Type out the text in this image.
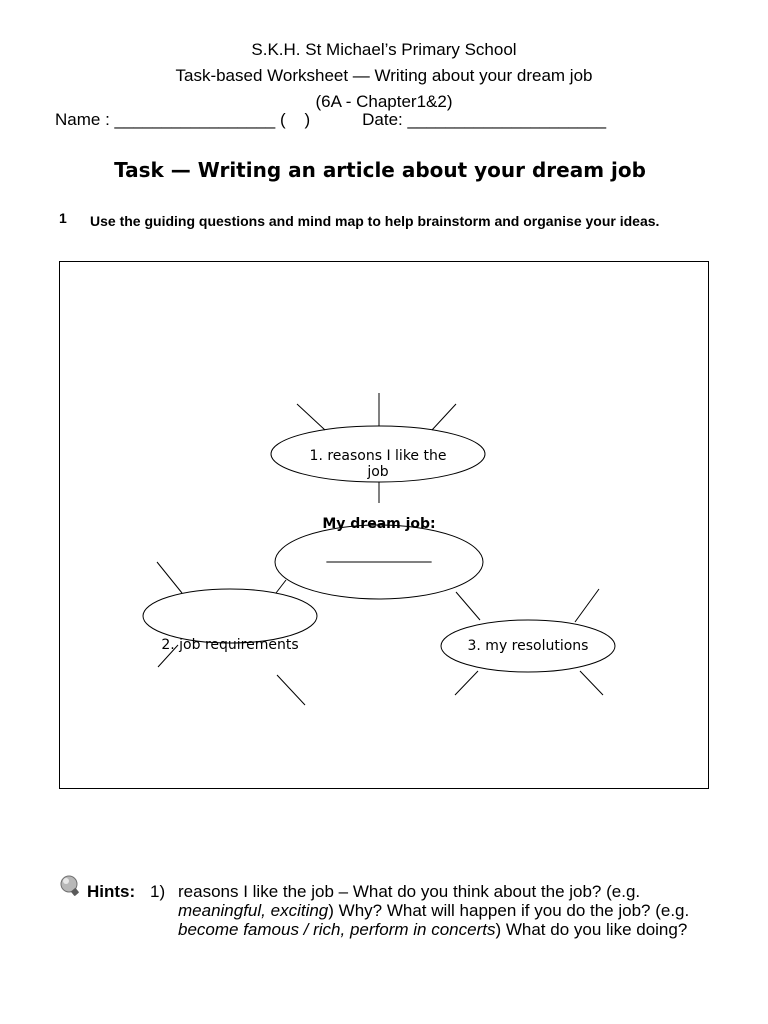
S.K.H. St Michael’s Primary School
Task-based Worksheet — Writing about your dream job
(6A - Chapter1&2)
Name : _________________ (    )           Date: _____________________
Task — Writing an article about your dream job
1 Use the guiding questions and mind map to help brainstorm and organise your ideas.
1. reasons I like the job
My dream job:
_______________
2. job requirements	3. my resolutions
Hints: 1) reasons I like the job – What do you think about the job? (e.g. meaningful, exciting) Why? What will happen if you do the job? (e.g. become famous / rich, perform in concerts) What do you like doing?
